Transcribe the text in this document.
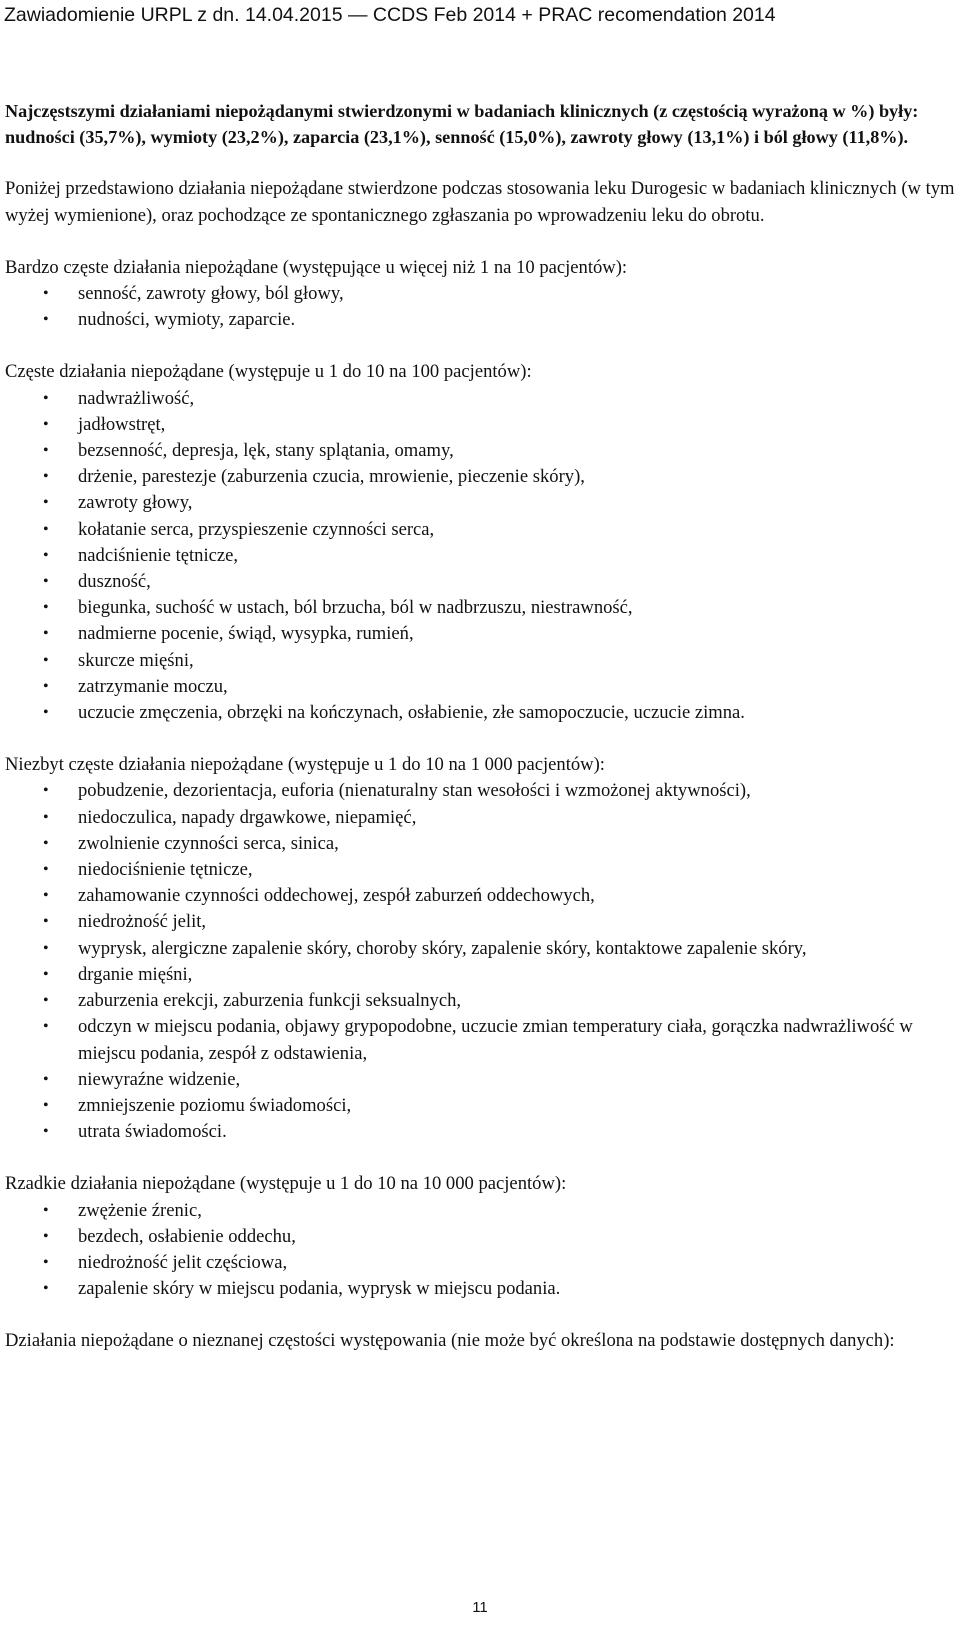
Zawiadomienie URPL z dn. 14.04.2015 — CCDS Feb 2014 + PRAC recomendation 2014

Najczęstszymi działaniami niepożądanymi stwierdzonymi w badaniach klinicznych (z częstością wyrażoną w %) były: nudności (35,7%), wymioty (23,2%), zaparcia (23,1%), senność (15,0%), zawroty głowy (13,1%) i ból głowy (11,8%).

Poniżej przedstawiono działania niepożądane stwierdzone podczas stosowania leku Durogesic w badaniach klinicznych (w tym wyżej wymienione), oraz pochodzące ze spontanicznego zgłaszania po wprowadzeniu leku do obrotu.

Bardzo częste działania niepożądane (występujące u więcej niż 1 na 10 pacjentów):

• senność, zawroty głowy, ból głowy,
• nudności, wymioty, zaparcie.

Częste działania niepożądane (występuje u 1 do 10 na 100 pacjentów):

• nadwrażliwość,
• jadłowstręt,
• bezsenność, depresja, lęk, stany splątania, omamy,
• drżenie, parestezje (zaburzenia czucia, mrowienie, pieczenie skóry),
• zawroty głowy,
• kołatanie serca, przyspieszenie czynności serca,
• nadciśnienie tętnicze,
• duszność,
• biegunka, suchość w ustach, ból brzucha, ból w nadbrzuszu, niestrawność,
• nadmierne pocenie, świąd, wysypka, rumień,
• skurcze mięśni,
• zatrzymanie moczu,
• uczucie zmęczenia, obrzęki na kończynach, osłabienie, złe samopoczucie, uczucie zimna.

Niezbyt częste działania niepożądane (występuje u 1 do 10 na 1 000 pacjentów):

• pobudzenie, dezorientacja, euforia (nienaturalny stan wesołości i wzmożonej aktywności),
• niedoczulica, napady drgawkowe, niepamięć,
• zwolnienie czynności serca, sinica,
• niedociśnienie tętnicze,
• zahamowanie czynności oddechowej, zespół zaburzeń oddechowych,
• niedrożność jelit,
• wyprysk, alergiczne zapalenie skóry, choroby skóry, zapalenie skóry, kontaktowe zapalenie skóry,
• drganie mięśni,
• zaburzenia erekcji, zaburzenia funkcji seksualnych,
• odczyn w miejscu podania, objawy grypopodobne, uczucie zmian temperatury ciała, gorączka nadwrażliwość w miejscu podania, zespół z odstawienia,
• niewyraźne widzenie,
• zmniejszenie poziomu świadomości,
• utrata świadomości.

Rzadkie działania niepożądane (występuje u 1 do 10 na 10 000 pacjentów):

• zwężenie źrenic,
• bezdech, osłabienie oddechu,
• niedrożność jelit częściowa,
• zapalenie skóry w miejscu podania, wyprysk w miejscu podania.

Działania niepożądane o nieznanej częstości występowania (nie może być określona na podstawie dostępnych danych):

11
